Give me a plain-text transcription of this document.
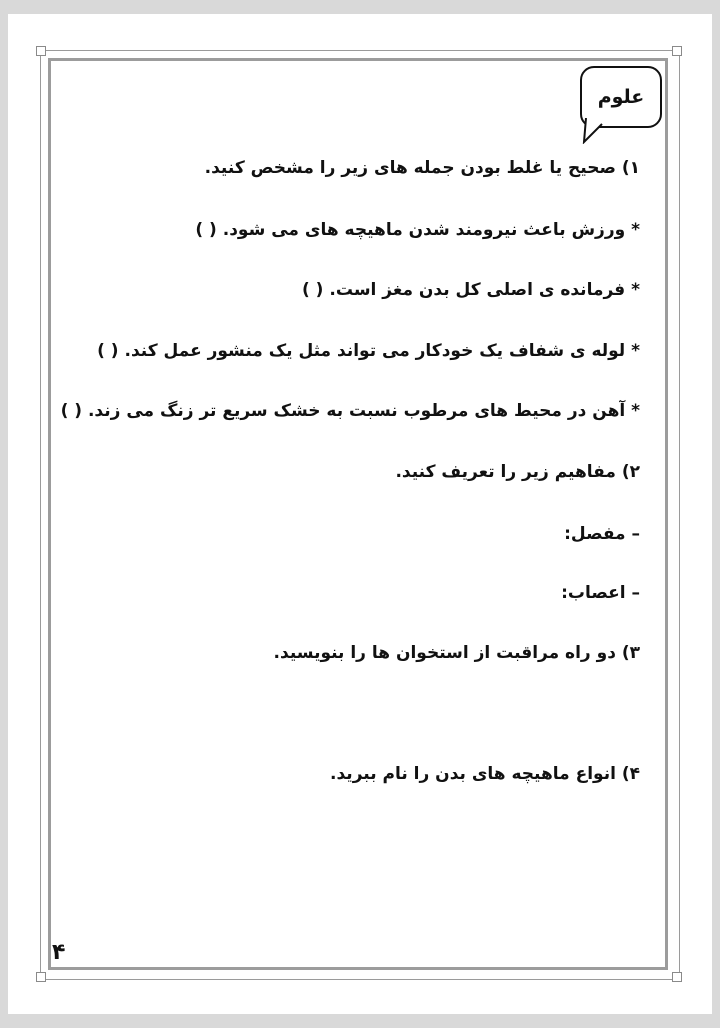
علوم
۱) صحیح یا غلط بودن جمله های زیر را مشخص کنید.
* ورزش باعث نیرومند شدن ماهیچه های می شود. ( )
* فرمانده ی اصلی کل بدن مغز است. ( )
* لوله ی شفاف یک خودکار می تواند مثل یک منشور عمل کند. ( )
* آهن در محیط های مرطوب نسبت به خشک سریع تر زنگ می زند. ( )
۲) مفاهیم زیر را تعریف کنید.
– مفصل:
– اعصاب:
۳) دو راه مراقبت از استخوان ها را بنویسید.
۴) انواع ماهیچه های بدن را نام ببرید.
۴
